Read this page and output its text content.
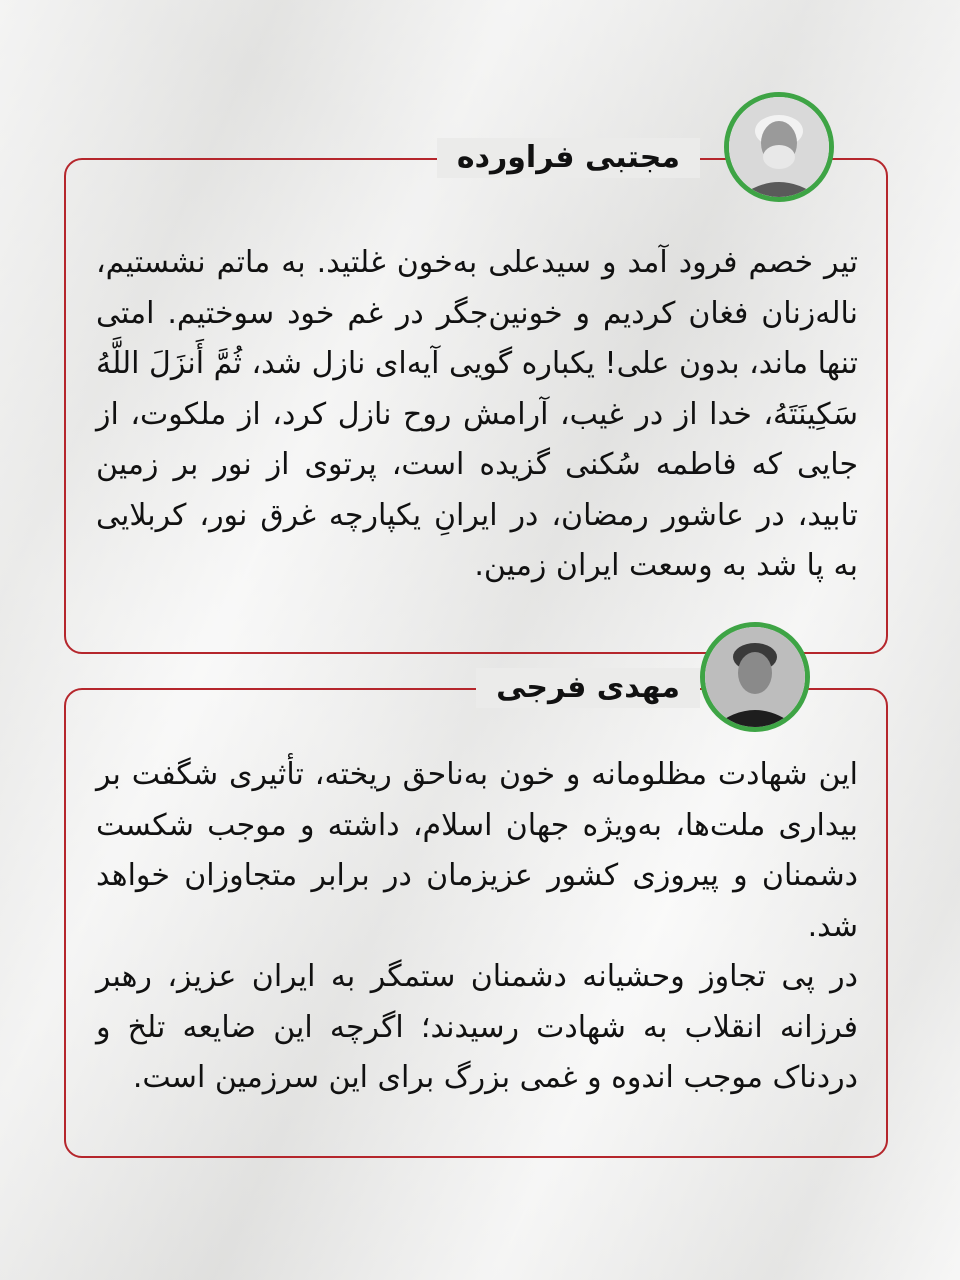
مجتبی فراورده

تیر خصم فرود آمد و سیدعلی به‌خون غلتید. به ماتم نشستیم، ناله‌زنان فغان کردیم و خونین‌جگر در غم خود سوختیم. امتی تنها ماند، بدون علی! یکباره گویی آیه‌ای نازل شد، ثُمَّ أَنزَلَ اللَّهُ سَکِینَتَهُ، خدا از در غیب، آرامش روح نازل کرد، از ملکوت، از جایی که فاطمه سُکنی گزیده است، پرتوی از نور بر زمین تابید، در عاشور رمضان، در ایرانِ یکپارچه غرق نور، کربلایی به پا شد به وسعت ایران زمین.

مهدی فرجی

این شهادت مظلومانه و خون به‌ناحق ریخته، تأثیری شگفت بر بیداری ملت‌ها، به‌ویژه جهان اسلام، داشته و موجب شکست دشمنان و پیروزی کشور عزیزمان در برابر متجاوزان خواهد شد.

در پی تجاوز وحشیانه دشمنان ستمگر به ایران عزیز، رهبر فرزانه انقلاب به شهادت رسیدند؛ اگرچه این ضایعه تلخ و دردناک موجب اندوه و غمی بزرگ برای این سرزمین است.
